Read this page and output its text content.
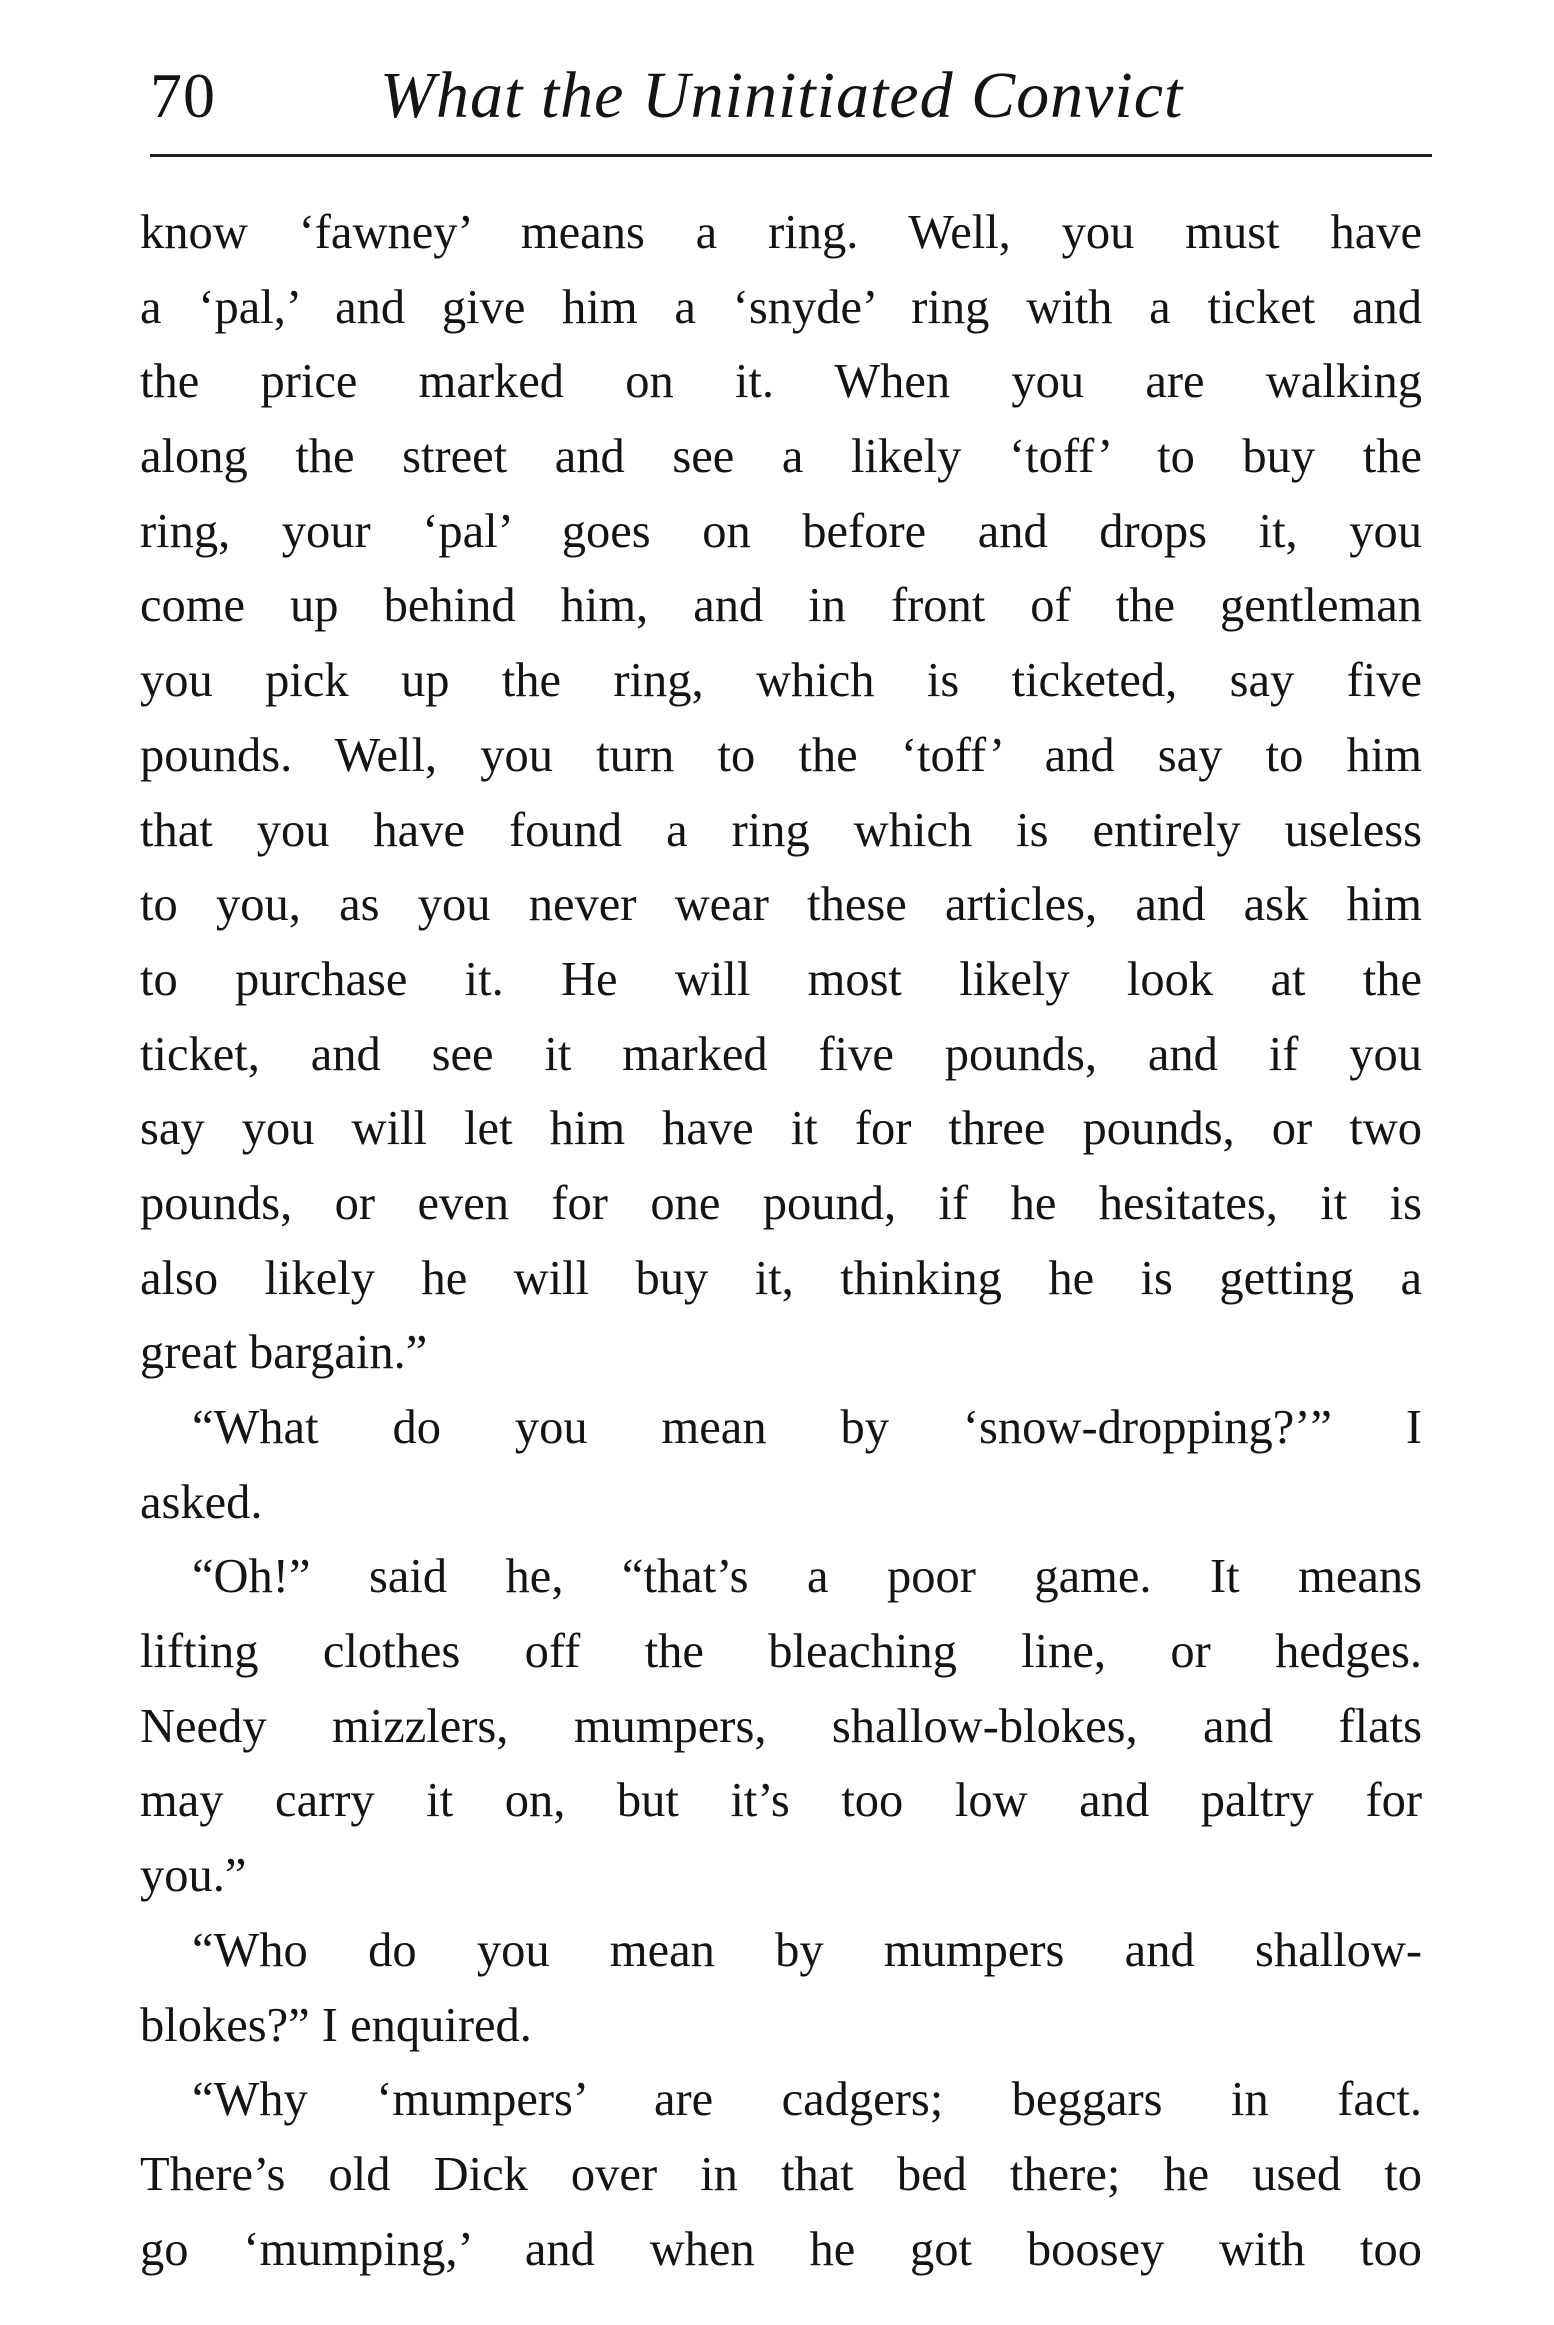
70 What the Uninitiated Convict
know ‘fawney’ means a ring. Well, you must have
a ‘pal,’ and give him a ‘snyde’ ring with a ticket and
the price marked on it. When you are walking
along the street and see a likely ‘toff’ to buy the
ring, your ‘pal’ goes on before and drops it, you
come up behind him, and in front of the gentleman
you pick up the ring, which is ticketed, say five
pounds. Well, you turn to the ‘toff’ and say to him
that you have found a ring which is entirely useless
to you, as you never wear these articles, and ask him
to purchase it. He will most likely look at the
ticket, and see it marked five pounds, and if you
say you will let him have it for three pounds, or two
pounds, or even for one pound, if he hesitates, it is
also likely he will buy it, thinking he is getting a
great bargain.”
“What do you mean by ‘snow-dropping?’” I
asked.
“Oh!” said he, “that’s a poor game. It means
lifting clothes off the bleaching line, or hedges.
Needy mizzlers, mumpers, shallow-blokes, and flats
may carry it on, but it’s too low and paltry for
you.”
“Who do you mean by mumpers and shallow-
blokes?” I enquired.
“Why ‘mumpers’ are cadgers; beggars in fact.
There’s old Dick over in that bed there; he used to
go ‘mumping,’ and when he got boosey with too
